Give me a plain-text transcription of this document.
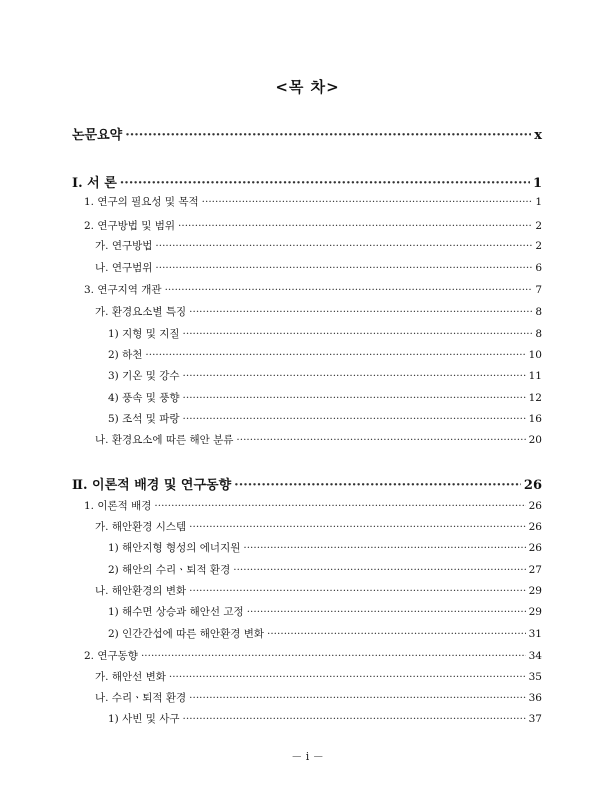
<목 차>
논문요약 ·····	x
Ⅰ. 서 론 ·····	1
1. 연구의 필요성 및 목적 ·····	1
2. 연구방법 및 범위 ·····	2
가. 연구방법 ·····	2
나. 연구범위 ·····	6
3. 연구지역 개관 ·····	7
가. 환경요소별 특징 ·····	8
1) 지형 및 지질 ·····	8
2) 하천 ·····	10
3) 기온 및 강수 ·····	11
4) 풍속 및 풍향 ·····	12
5) 조석 및 파랑 ·····	16
나. 환경요소에 따른 해안 분류 ·····	20
Ⅱ. 이론적 배경 및 연구동향 ·····	26
1. 이론적 배경 ·····	26
가. 해안환경 시스템 ·····	26
1) 해안지형 형성의 에너지원 ·····	26
2) 해안의 수리ㆍ퇴적 환경 ·····	27
나. 해안환경의 변화 ·····	29
1) 해수면 상승과 해안선 고정 ·····	29
2) 인간간섭에 따른 해안환경 변화 ·····	31
2. 연구동향 ·····	34
가. 해안선 변화 ·····	35
나. 수리ㆍ퇴적 환경 ·····	36
1) 사빈 및 사구 ·····	37
－ i －
